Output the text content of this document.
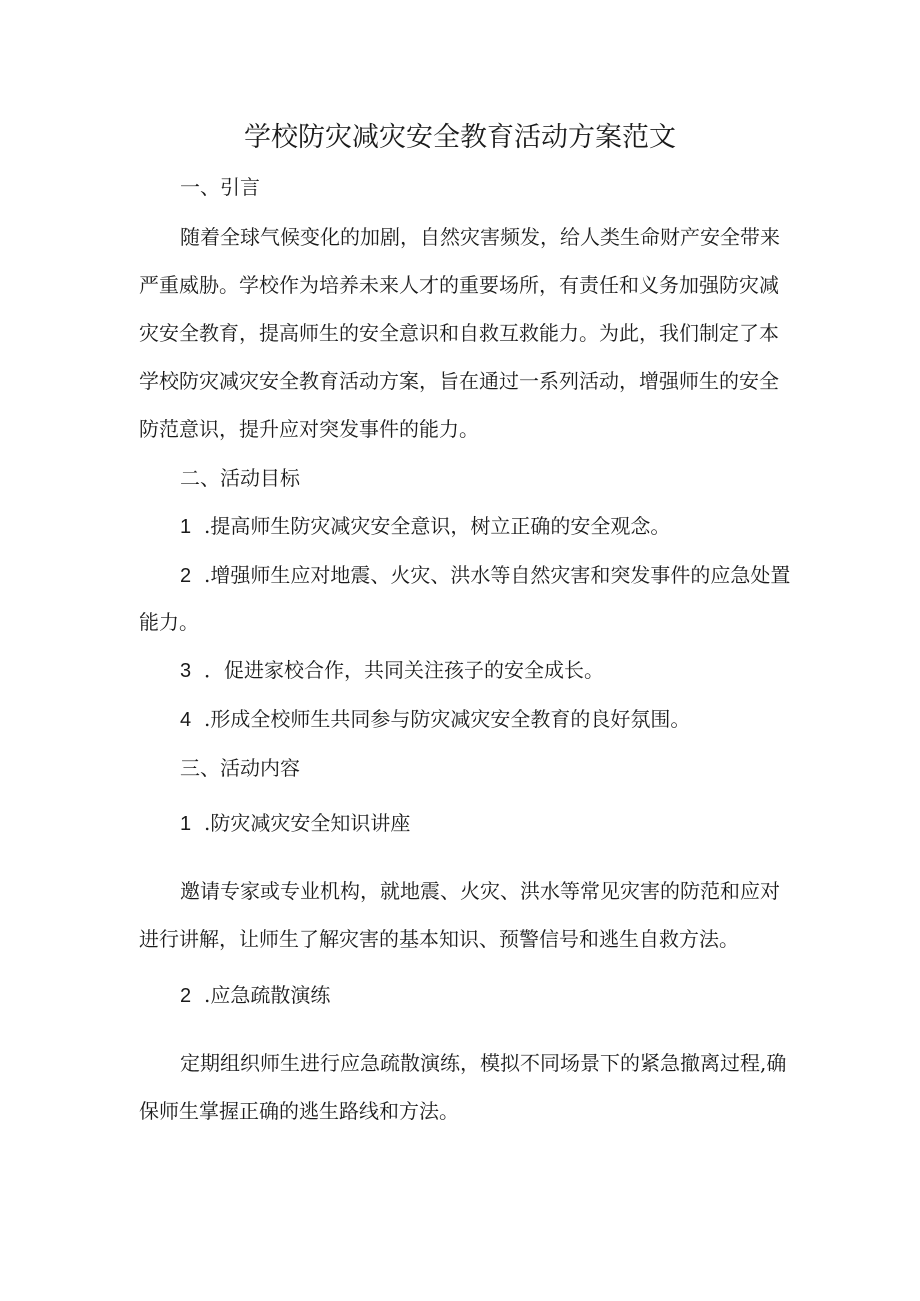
学校防灾减灾安全教育活动方案范文
一、引言
随着全球气候变化的加剧，自然灾害频发，给人类生命财产安全带来
严重威胁。学校作为培养未来人才的重要场所，有责任和义务加强防灾减
灾安全教育，提高师生的安全意识和自救互救能力。为此，我们制定了本
学校防灾减灾安全教育活动方案，旨在通过一系列活动，增强师生的安全
防范意识，提升应对突发事件的能力。
二、活动目标
1 .提高师生防灾减灾安全意识，树立正确的安全观念。
2 .增强师生应对地震、火灾、洪水等自然灾害和突发事件的应急处置
能力。
3 ．促进家校合作，共同关注孩子的安全成长。
4 .形成全校师生共同参与防灾减灾安全教育的良好氛围。
三、活动内容
1 .防灾减灾安全知识讲座
邀请专家或专业机构，就地震、火灾、洪水等常见灾害的防范和应对
进行讲解，让师生了解灾害的基本知识、预警信号和逃生自救方法。
2 .应急疏散演练
定期组织师生进行应急疏散演练，模拟不同场景下的紧急撤离过程,确
保师生掌握正确的逃生路线和方法。
